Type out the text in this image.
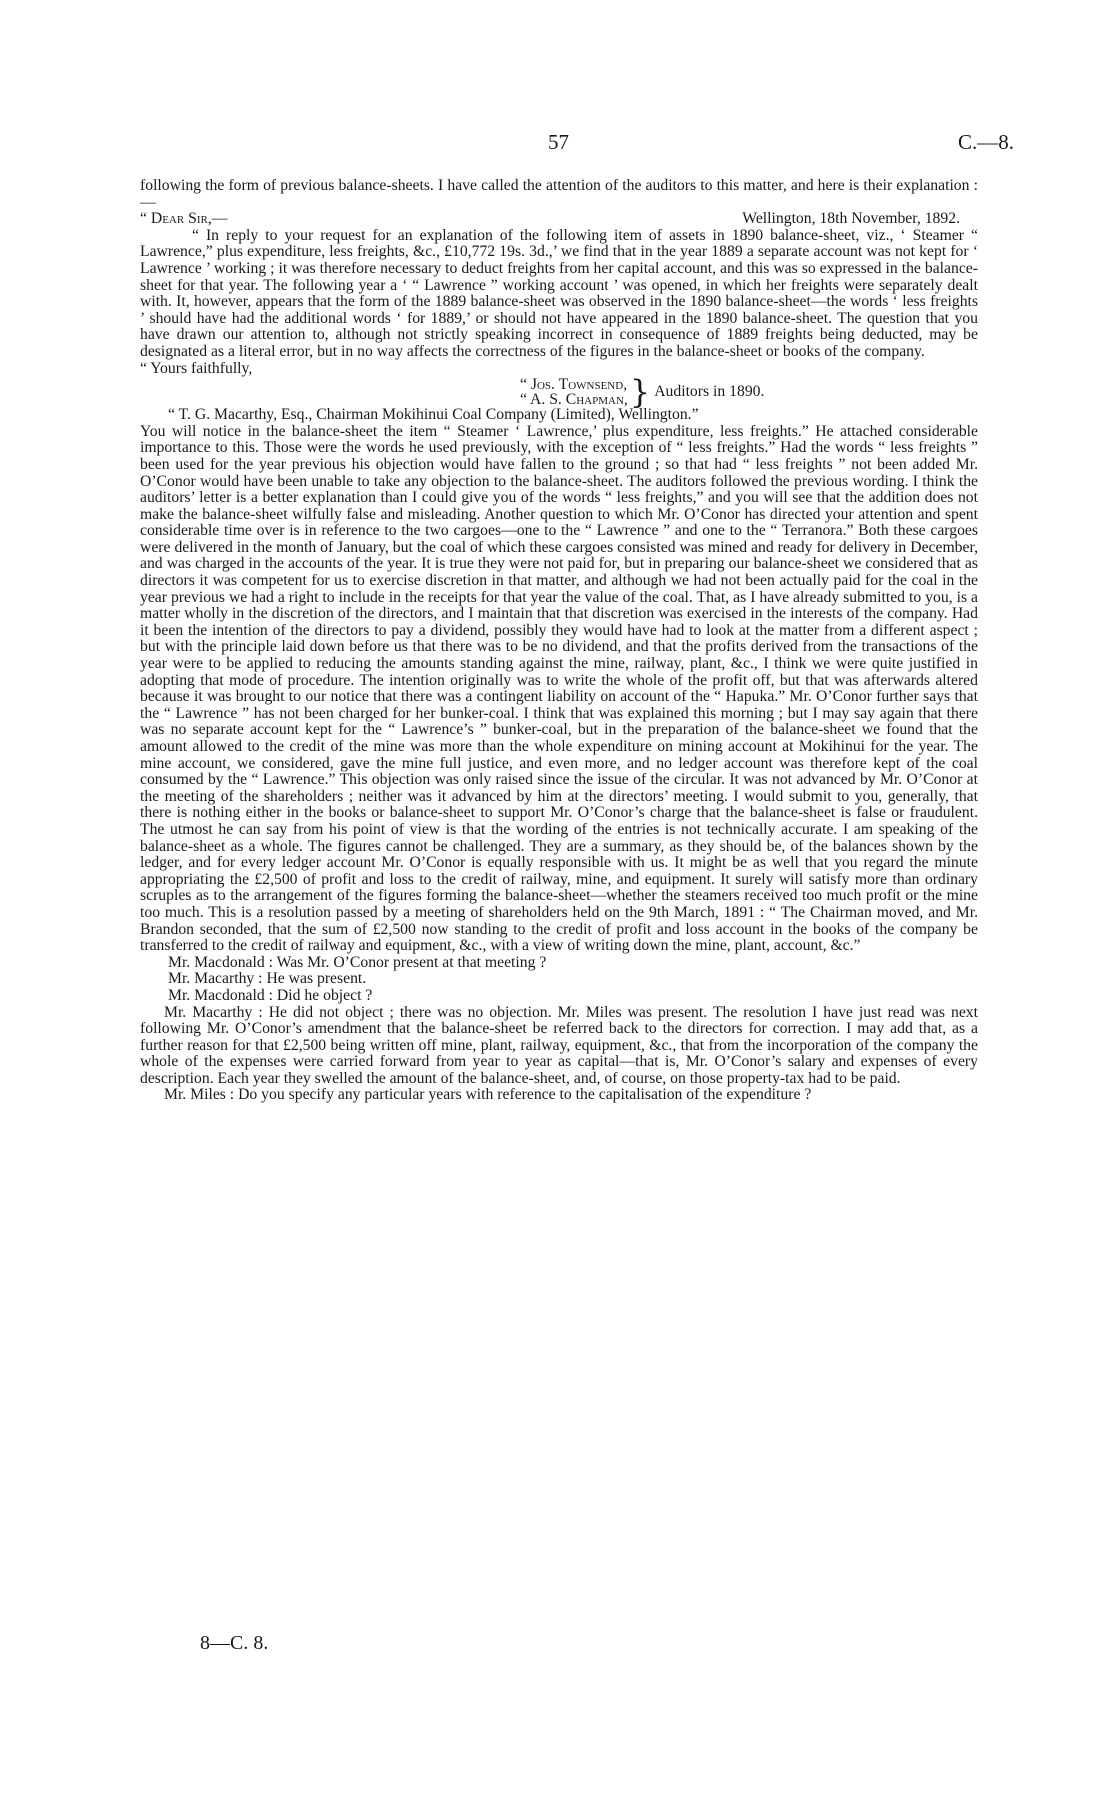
57	C.—8.

following the form of previous balance-sheets. I have called the attention of the auditors to this matter, and here is their explanation :—

“ Dear Sir,—	Wellington, 18th November, 1892.

“ In reply to your request for an explanation of the following item of assets in 1890 balance-sheet, viz., ‘ Steamer “ Lawrence,” plus expenditure, less freights, &c., £10,772 19s. 3d.,’ we find that in the year 1889 a separate account was not kept for ‘ Lawrence ’ working ; it was therefore necessary to deduct freights from her capital account, and this was so expressed in the balance-sheet for that year. The following year a ‘ “ Lawrence ” working account ’ was opened, in which her freights were separately dealt with. It, however, appears that the form of the 1889 balance-sheet was observed in the 1890 balance-sheet—the words ‘ less freights ’ should have had the additional words ‘ for 1889,’ or should not have appeared in the 1890 balance-sheet. The question that you have drawn our attention to, although not strictly speaking incorrect in consequence of 1889 freights being deducted, may be designated as a literal error, but in no way affects the correctness of the figures in the balance-sheet or books of the company.

“ Yours faithfully,

“ Jos. Townsend,
“ A. S. Chapman, } Auditors in 1890.

“ T. G. Macarthy, Esq., Chairman Mokihinui Coal Company (Limited), Wellington.”

You will notice in the balance-sheet the item “ Steamer ‘ Lawrence,’ plus expenditure, less freights.” He attached considerable importance to this. Those were the words he used previously, with the exception of “ less freights.” Had the words “ less freights ” been used for the year previous his objection would have fallen to the ground ; so that had “ less freights ” not been added Mr. O’Conor would have been unable to take any objection to the balance-sheet. The auditors followed the previous wording. I think the auditors’ letter is a better explanation than I could give you of the words “ less freights,” and you will see that the addition does not make the balance-sheet wilfully false and misleading. Another question to which Mr. O’Conor has directed your attention and spent considerable time over is in reference to the two cargoes—one to the “ Lawrence ” and one to the “ Terranora.” Both these cargoes were delivered in the month of January, but the coal of which these cargoes consisted was mined and ready for delivery in December, and was charged in the accounts of the year. It is true they were not paid for, but in preparing our balance-sheet we considered that as directors it was competent for us to exercise discretion in that matter, and although we had not been actually paid for the coal in the year previous we had a right to include in the receipts for that year the value of the coal. That, as I have already submitted to you, is a matter wholly in the discretion of the directors, and I maintain that that discretion was exercised in the interests of the company. Had it been the intention of the directors to pay a dividend, possibly they would have had to look at the matter from a different aspect ; but with the principle laid down before us that there was to be no dividend, and that the profits derived from the transactions of the year were to be applied to reducing the amounts standing against the mine, railway, plant, &c., I think we were quite justified in adopting that mode of procedure. The intention originally was to write the whole of the profit off, but that was afterwards altered because it was brought to our notice that there was a contingent liability on account of the “ Hapuka.” Mr. O’Conor further says that the “ Lawrence ” has not been charged for her bunker-coal. I think that was explained this morning ; but I may say again that there was no separate account kept for the “ Lawrence’s ” bunker-coal, but in the preparation of the balance-sheet we found that the amount allowed to the credit of the mine was more than the whole expenditure on mining account at Mokihinui for the year. The mine account, we considered, gave the mine full justice, and even more, and no ledger account was therefore kept of the coal consumed by the “ Lawrence.” This objection was only raised since the issue of the circular. It was not advanced by Mr. O’Conor at the meeting of the shareholders ; neither was it advanced by him at the directors’ meeting. I would submit to you, generally, that there is nothing either in the books or balance-sheet to support Mr. O’Conor’s charge that the balance-sheet is false or fraudulent. The utmost he can say from his point of view is that the wording of the entries is not technically accurate. I am speaking of the balance-sheet as a whole. The figures cannot be challenged. They are a summary, as they should be, of the balances shown by the ledger, and for every ledger account Mr. O’Conor is equally responsible with us. It might be as well that you regard the minute appropriating the £2,500 of profit and loss to the credit of railway, mine, and equipment. It surely will satisfy more than ordinary scruples as to the arrangement of the figures forming the balance-sheet—whether the steamers received too much profit or the mine too much. This is a resolution passed by a meeting of shareholders held on the 9th March, 1891 : “ The Chairman moved, and Mr. Brandon seconded, that the sum of £2,500 now standing to the credit of profit and loss account in the books of the company be transferred to the credit of railway and equipment, &c., with a view of writing down the mine, plant, account, &c.”

Mr. Macdonald : Was Mr. O’Conor present at that meeting ?

Mr. Macarthy : He was present.

Mr. Macdonald : Did he object ?

Mr. Macarthy : He did not object ; there was no objection. Mr. Miles was present. The resolution I have just read was next following Mr. O’Conor’s amendment that the balance-sheet be referred back to the directors for correction. I may add that, as a further reason for that £2,500 being written off mine, plant, railway, equipment, &c., that from the incorporation of the company the whole of the expenses were carried forward from year to year as capital—that is, Mr. O’Conor’s salary and expenses of every description. Each year they swelled the amount of the balance-sheet, and, of course, on those property-tax had to be paid.

Mr. Miles : Do you specify any particular years with reference to the capitalisation of the expenditure ?

8—C. 8.
